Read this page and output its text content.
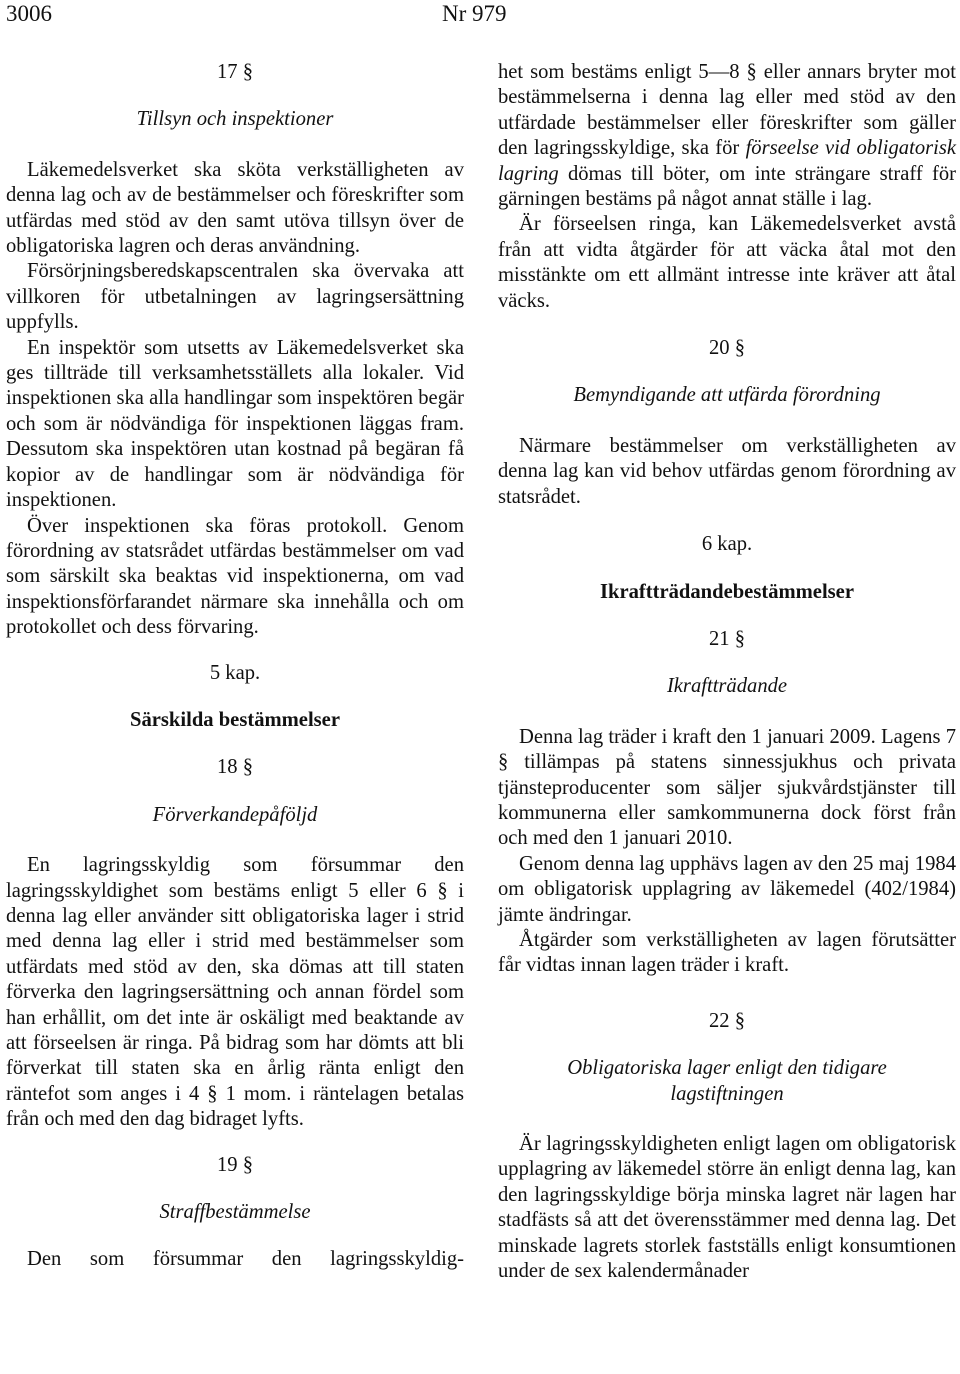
3006	Nr 979

17 §

Tillsyn och inspektioner

Läkemedelsverket ska sköta verkställigheten av denna lag och av de bestämmelser och föreskrifter som utfärdas med stöd av den samt utöva tillsyn över de obligatoriska lagren och deras användning.

Försörjningsberedskapscentralen ska övervaka att villkoren för utbetalningen av lagringsersättning uppfylls.

En inspektör som utsetts av Läkemedelsverket ska ges tillträde till verksamhetsställets alla lokaler. Vid inspektionen ska alla handlingar som inspektören begär och som är nödvändiga för inspektionen läggas fram. Dessutom ska inspektören utan kostnad på begäran få kopior av de handlingar som är nödvändiga för inspektionen.

Över inspektionen ska föras protokoll. Genom förordning av statsrådet utfärdas bestämmelser om vad som särskilt ska beaktas vid inspektionerna, om vad inspektionsförfarandet närmare ska innehålla och om protokollet och dess förvaring.

5 kap.

Särskilda bestämmelser

18 §

Förverkandepåföljd

En lagringsskyldig som försummar den lagringsskyldighet som bestäms enligt 5 eller 6 § i denna lag eller använder sitt obligatoriska lager i strid med denna lag eller i strid med bestämmelser som utfärdats med stöd av den, ska dömas att till staten förverka den lagringsersättning och annan fördel som han erhållit, om det inte är oskäligt med beaktande av att förseelsen är ringa. På bidrag som har dömts att bli förverkat till staten ska en årlig ränta enligt den räntefot som anges i 4 § 1 mom. i räntelagen betalas från och med den dag bidraget lyfts.

19 §

Straffbestämmelse

Den som försummar den lagringsskyldig-

het som bestäms enligt 5—8 § eller annars bryter mot bestämmelserna i denna lag eller med stöd av den utfärdade bestämmelser eller föreskrifter som gäller den lagringsskyldige, ska för förseelse vid obligatorisk lagring dömas till böter, om inte strängare straff för gärningen bestäms på något annat ställe i lag.

Är förseelsen ringa, kan Läkemedelsverket avstå från att vidta åtgärder för att väcka åtal mot den misstänkte om ett allmänt intresse inte kräver att åtal väcks.

20 §

Bemyndigande att utfärda förordning

Närmare bestämmelser om verkställigheten av denna lag kan vid behov utfärdas genom förordning av statsrådet.

6 kap.

Ikraftträdandebestämmelser

21 §

Ikraftträdande

Denna lag träder i kraft den 1 januari 2009. Lagens 7 § tillämpas på statens sinnessjukhus och privata tjänsteproducenter som säljer sjukvårdstjänster till kommunerna eller samkommunerna dock först från och med den 1 januari 2010.

Genom denna lag upphävs lagen av den 25 maj 1984 om obligatorisk upplagring av läkemedel (402/1984) jämte ändringar.

Åtgärder som verkställigheten av lagen förutsätter får vidtas innan lagen träder i kraft.

22 §

Obligatoriska lager enligt den tidigare lagstiftningen

Är lagringsskyldigheten enligt lagen om obligatorisk upplagring av läkemedel större än enligt denna lag, kan den lagringsskyldige börja minska lagret när lagen har stadfästs så att det överensstämmer med denna lag. Det minskade lagrets storlek fastställs enligt konsumtionen under de sex kalendermånader
